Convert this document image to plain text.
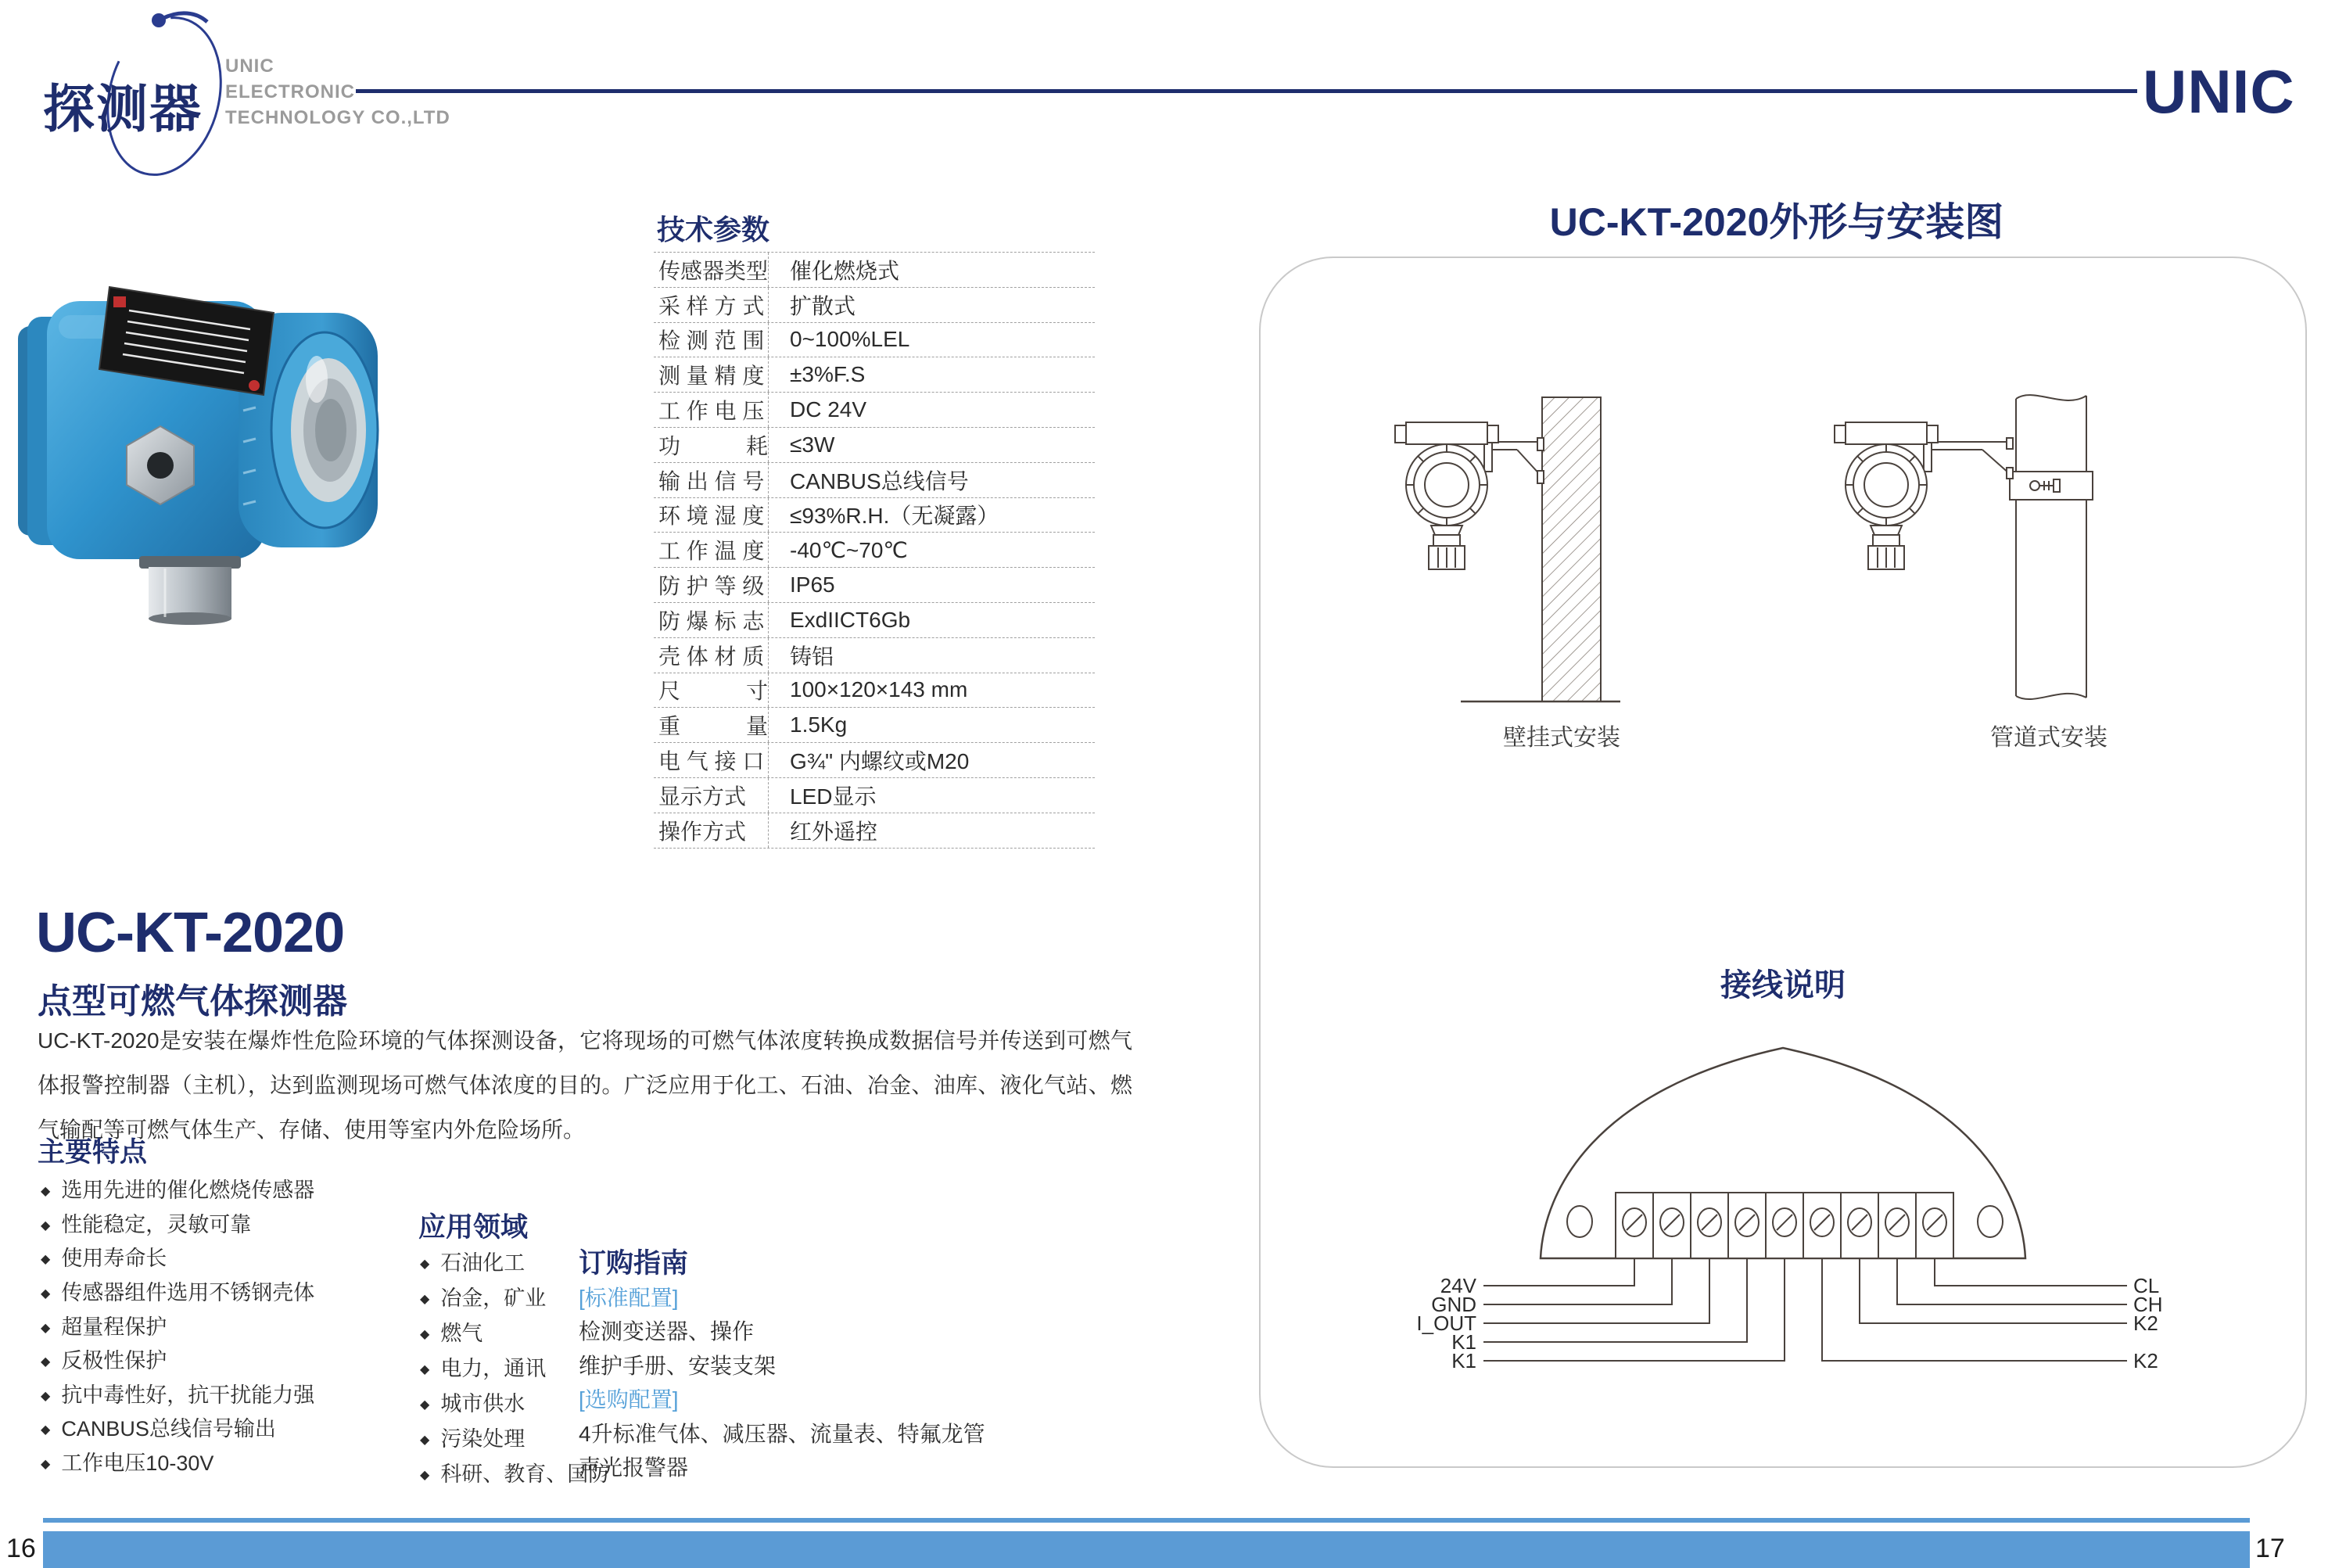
探测器
UNIC
ELECTRONIC
TECHNOLOGY CO.,LTD	UNIC
技术参数
传感器类型 催化燃烧式
采 样 方 式	扩散式
检 测 范 围	0~100%LEL
测 量 精 度	±3%F.S
工 作 电 压	DC 24V
功　　　耗 ≤3W
输 出 信 号	CANBUS总线信号
环 境 湿 度	≤93%R.H.（无凝露）
工 作 温 度	-40℃~70℃
防 护 等 级	IP65
防 爆 标 志	ExdIICT6Gb
壳 体 材 质	铸铝
尺　　　寸 100×120×143 mm
重　　　量 1.5Kg
电 气 接 口	G¾" 内螺纹或M20
显示方式	LED显示
操作方式	红外遥控
UC-KT-2020
点型可燃气体探测器
UC-KT-2020是安装在爆炸性危险环境的气体探测设备，它将现场的可燃气体浓度转换成数据信号并传送到可燃气体报警控制器（主机），达到监测现场可燃气体浓度的目的。广泛应用于化工、石油、冶金、油库、液化气站、燃气输配等可燃气体生产、存储、使用等室内外危险场所。
主要特点
◆
选用先进的催化燃烧传感器
◆
性能稳定，灵敏可靠
◆
使用寿命长
◆
传感器组件选用不锈钢壳体
◆
超量程保护
◆
反极性保护
◆
抗中毒性好，抗干扰能力强
◆
CANBUS总线信号输出
◆
工作电压10-30V
应用领域
◆
石油化工
◆
冶金，矿业
◆
燃气
◆
电力，通讯
◆
城市供水
◆
污染处理
◆
科研、教育、国防
订购指南
[标准配置]
检测变送器、操作
维护手册、安装支架
[选购配置]
4升标准气体、减压器、流量表、特氟龙管
声光报警器
UC-KT-2020外形与安装图
壁挂式安装	管道式安装
接线说明
24V
GND
I_OUT
K1
K1
CL
CH
K2
K2
16	17
